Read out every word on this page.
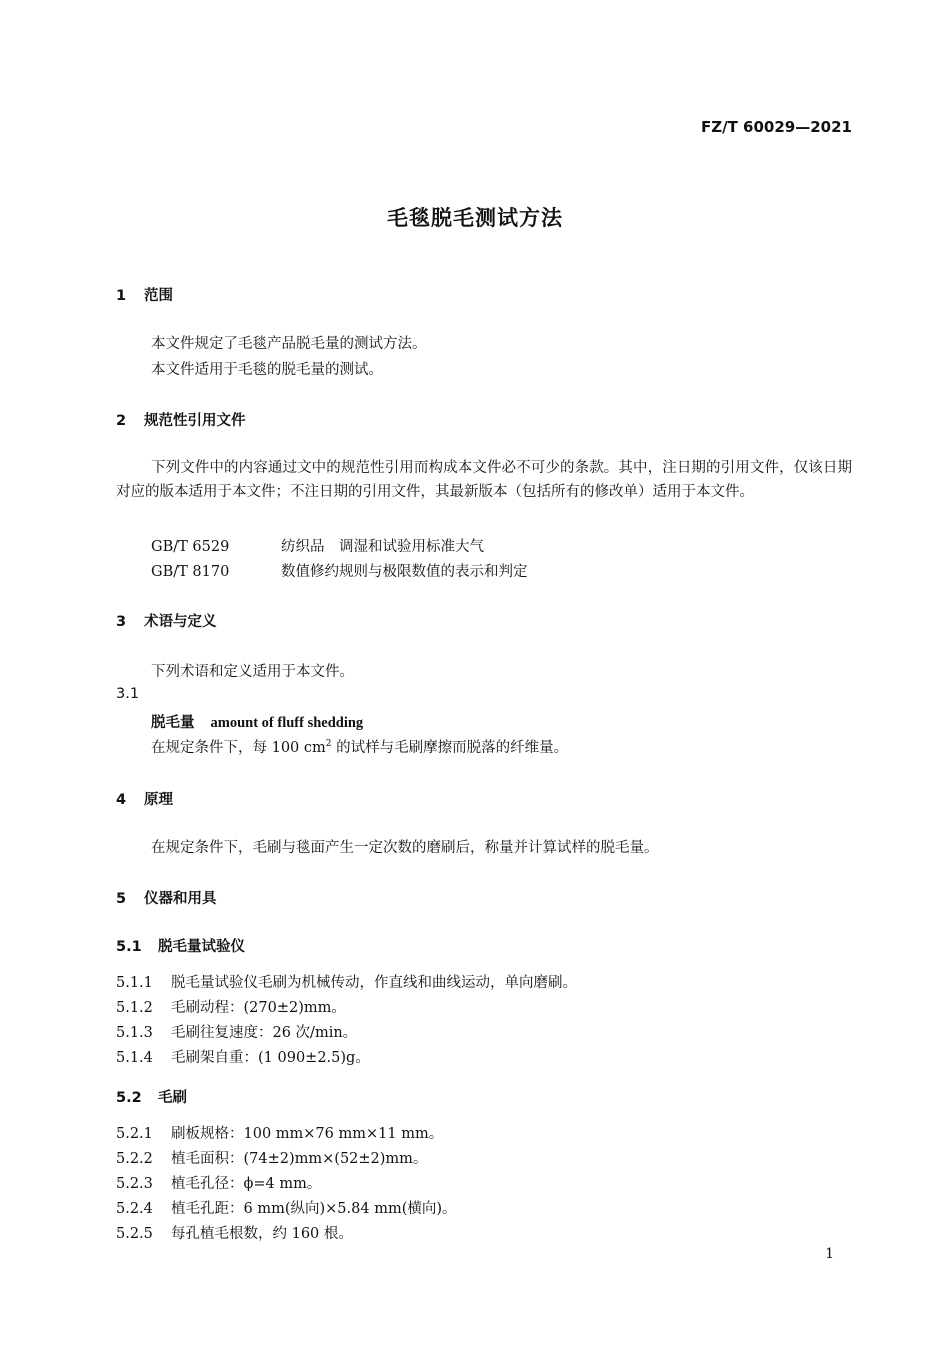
FZ/T 60029—2021
毛毯脱毛测试方法
1 范围
本文件规定了毛毯产品脱毛量的测试方法。
本文件适用于毛毯的脱毛量的测试。
2 规范性引用文件
下列文件中的内容通过文中的规范性引用而构成本文件必不可少的条款。其中，注日期的引用文件，仅该日期对应的版本适用于本文件；不注日期的引用文件，其最新版本（包括所有的修改单）适用于本文件。
GB/T 6529	纺织品　调湿和试验用标准大气
GB/T 8170	数值修约规则与极限数值的表示和判定
3 术语与定义
下列术语和定义适用于本文件。
3.1
脱毛量 amount of fluff shedding
在规定条件下，每 100 $cm^2$ 的试样与毛刷摩擦而脱落的纤维量。
4 原理
在规定条件下，毛刷与毯面产生一定次数的磨刷后，称量并计算试样的脱毛量。
5 仪器和用具
5.1 脱毛量试验仪
5.1.1 脱毛量试验仪毛刷为机械传动，作直线和曲线运动，单向磨刷。
5.1.2 毛刷动程：(270±2)mm。
5.1.3 毛刷往复速度：26 次/min。
5.1.4 毛刷架自重：(1 090±2.5)g。
5.2 毛刷
5.2.1 刷板规格：100 mm×76 mm×11 mm。
5.2.2 植毛面积：(74±2)mm×(52±2)mm。
5.2.3 植毛孔径：ϕ=4 mm。
5.2.4 植毛孔距：6 mm(纵向)×5.84 mm(横向)。
5.2.5 每孔植毛根数，约 160 根。
1
